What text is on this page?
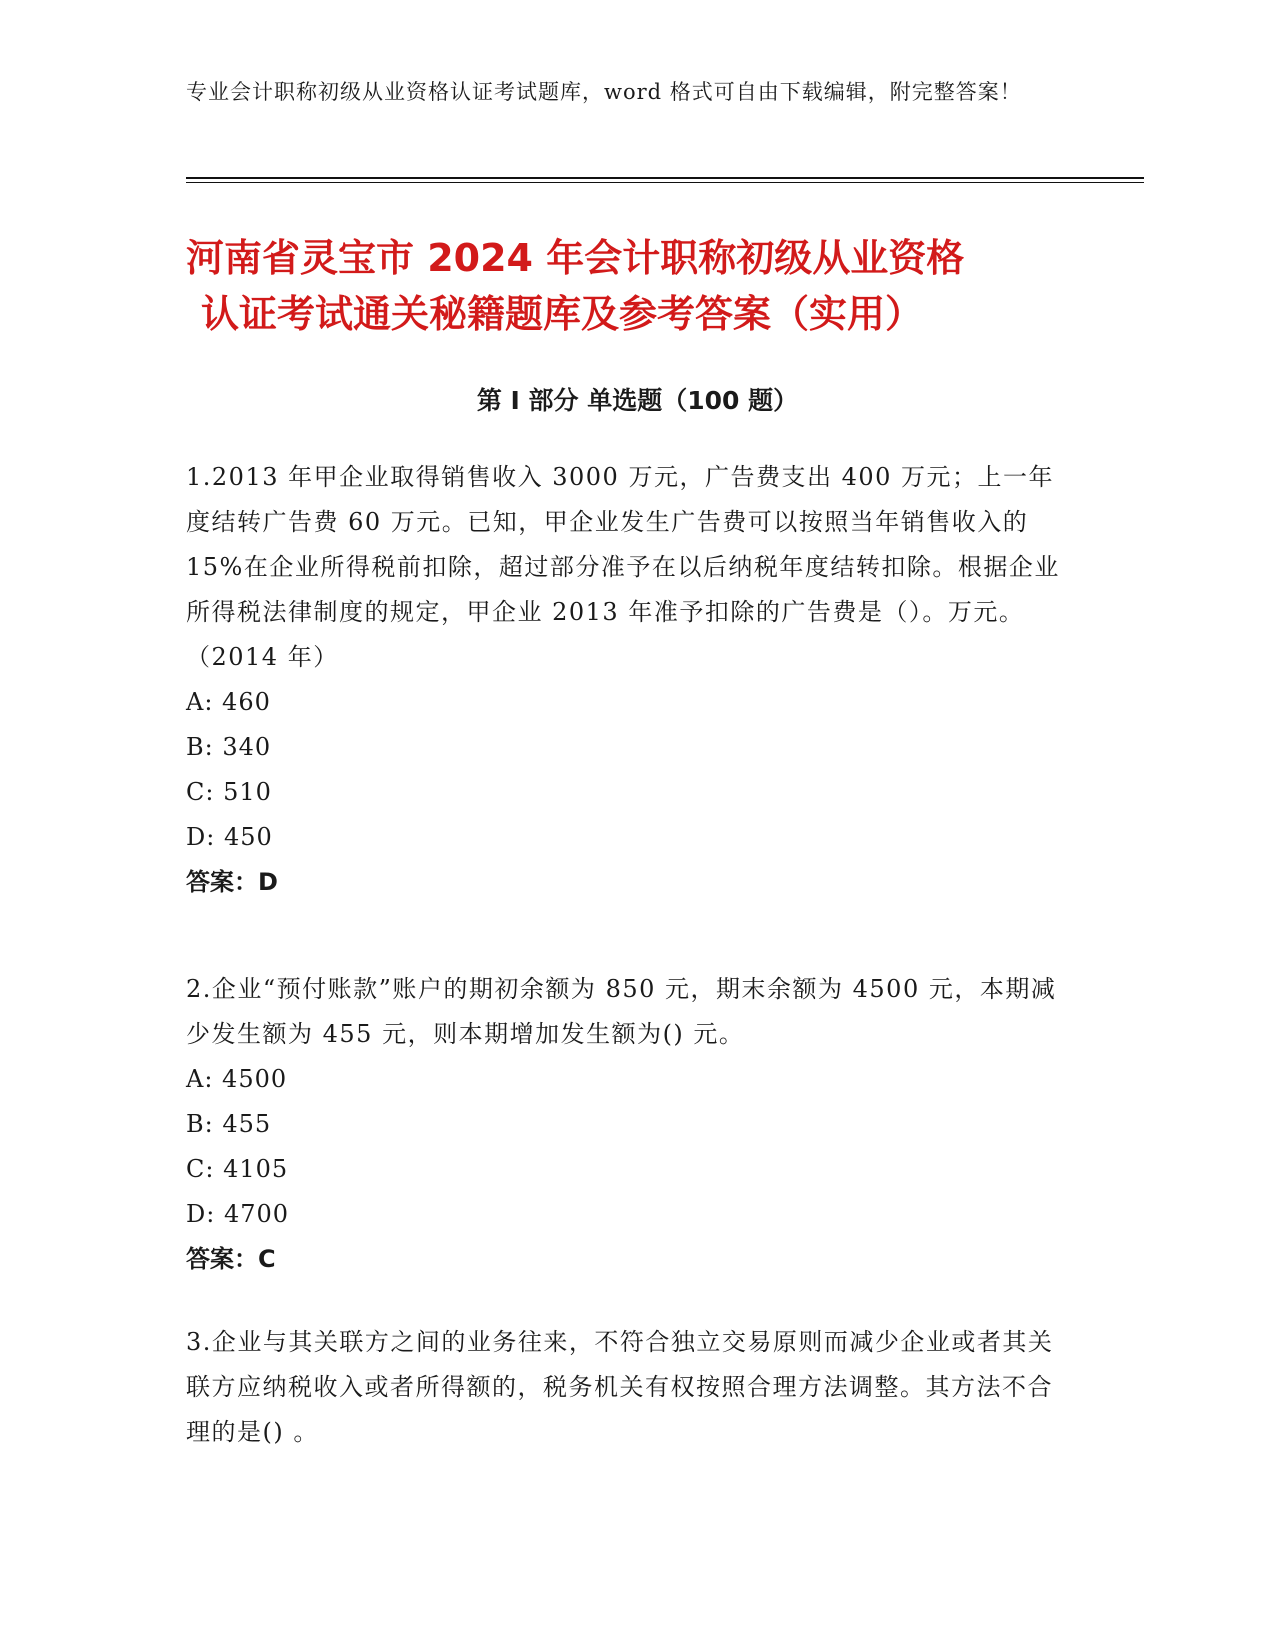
专业会计职称初级从业资格认证考试题库，word 格式可自由下载编辑，附完整答案！
河南省灵宝市 2024 年会计职称初级从业资格
认证考试通关秘籍题库及参考答案（实用）
第 I 部分 单选题（100 题）

1.2013 年甲企业取得销售收入 3000 万元，广告费支出 400 万元；上一年度结转广告费 60 万元。已知，甲企业发生广告费可以按照当年销售收入的 15%在企业所得税前扣除，超过部分准予在以后纳税年度结转扣除。根据企业所得税法律制度的规定，甲企业 2013 年准予扣除的广告费是（）。万元。（2014 年）

A: 460
B: 340
C: 510
D: 450
答案：D

2.企业“预付账款”账户的期初余额为 850 元，期末余额为 4500 元，本期减少发生额为 455 元，则本期增加发生额为() 元。

A: 4500
B: 455
C: 4105
D: 4700
答案：C

3.企业与其关联方之间的业务往来，不符合独立交易原则而减少企业或者其关联方应纳税收入或者所得额的，税务机关有权按照合理方法调整。其方法不合理的是() 。
